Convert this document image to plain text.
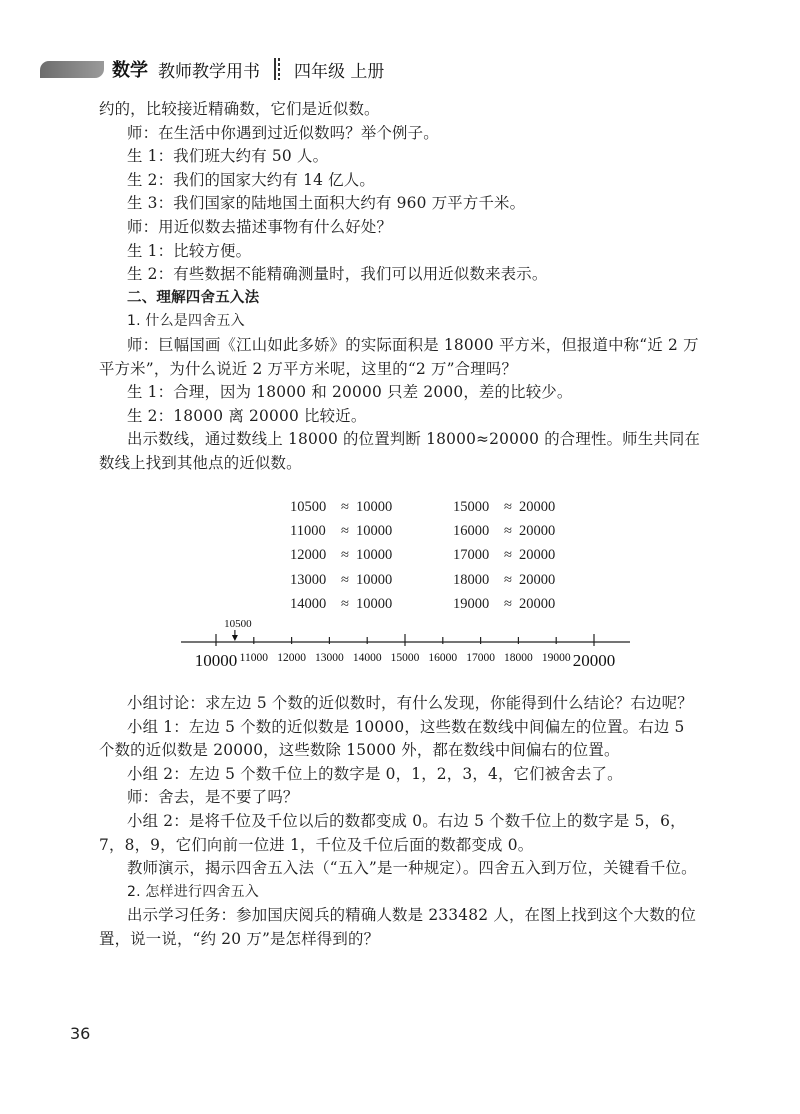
数学 教师教学用书 四年级 上册

约的，比较接近精确数，它们是近似数。

师：在生活中你遇到过近似数吗？举个例子。

生 1：我们班大约有 50 人。

生 2：我们的国家大约有 14 亿人。

生 3：我们国家的陆地国土面积大约有 960 万平方千米。

师：用近似数去描述事物有什么好处？

生 1：比较方便。

生 2：有些数据不能精确测量时，我们可以用近似数来表示。

二、理解四舍五入法

1. 什么是四舍五入

师：巨幅国画《江山如此多娇》的实际面积是 18000 平方米，但报道中称“近 2 万平方米”，为什么说近 2 万平方米呢，这里的“2 万”合理吗？

生 1：合理，因为 18000 和 20000 只差 2000，差的比较少。

生 2：18000 离 20000 比较近。

出示数线，通过数线上 18000 的位置判断 18000≈20000 的合理性。师生共同在数线上找到其他点的近似数。

10500 ≈ 10000
11000 ≈ 10000
12000 ≈ 10000
13000 ≈ 10000
14000 ≈ 10000
15000 ≈ 20000
16000 ≈ 20000
17000 ≈ 20000
18000 ≈ 20000
19000 ≈ 20000
10000	20000
11000 12000 13000 14000 15000 16000 17000 18000 19000
10500

小组讨论：求左边 5 个数的近似数时，有什么发现，你能得到什么结论？右边呢？

小组 1：左边 5 个数的近似数是 10000，这些数在数线中间偏左的位置。右边 5 个数的近似数是 20000，这些数除 15000 外，都在数线中间偏右的位置。

小组 2：左边 5 个数千位上的数字是 0，1，2，3，4，它们被舍去了。

师：舍去，是不要了吗？

小组 2：是将千位及千位以后的数都变成 0。右边 5 个数千位上的数字是 5，6，7，8，9，它们向前一位进 1，千位及千位后面的数都变成 0。

教师演示，揭示四舍五入法（“五入”是一种规定）。四舍五入到万位，关键看千位。

2. 怎样进行四舍五入

出示学习任务：参加国庆阅兵的精确人数是 233482 人，在图上找到这个大数的位置，说一说，“约 20 万”是怎样得到的？

36
